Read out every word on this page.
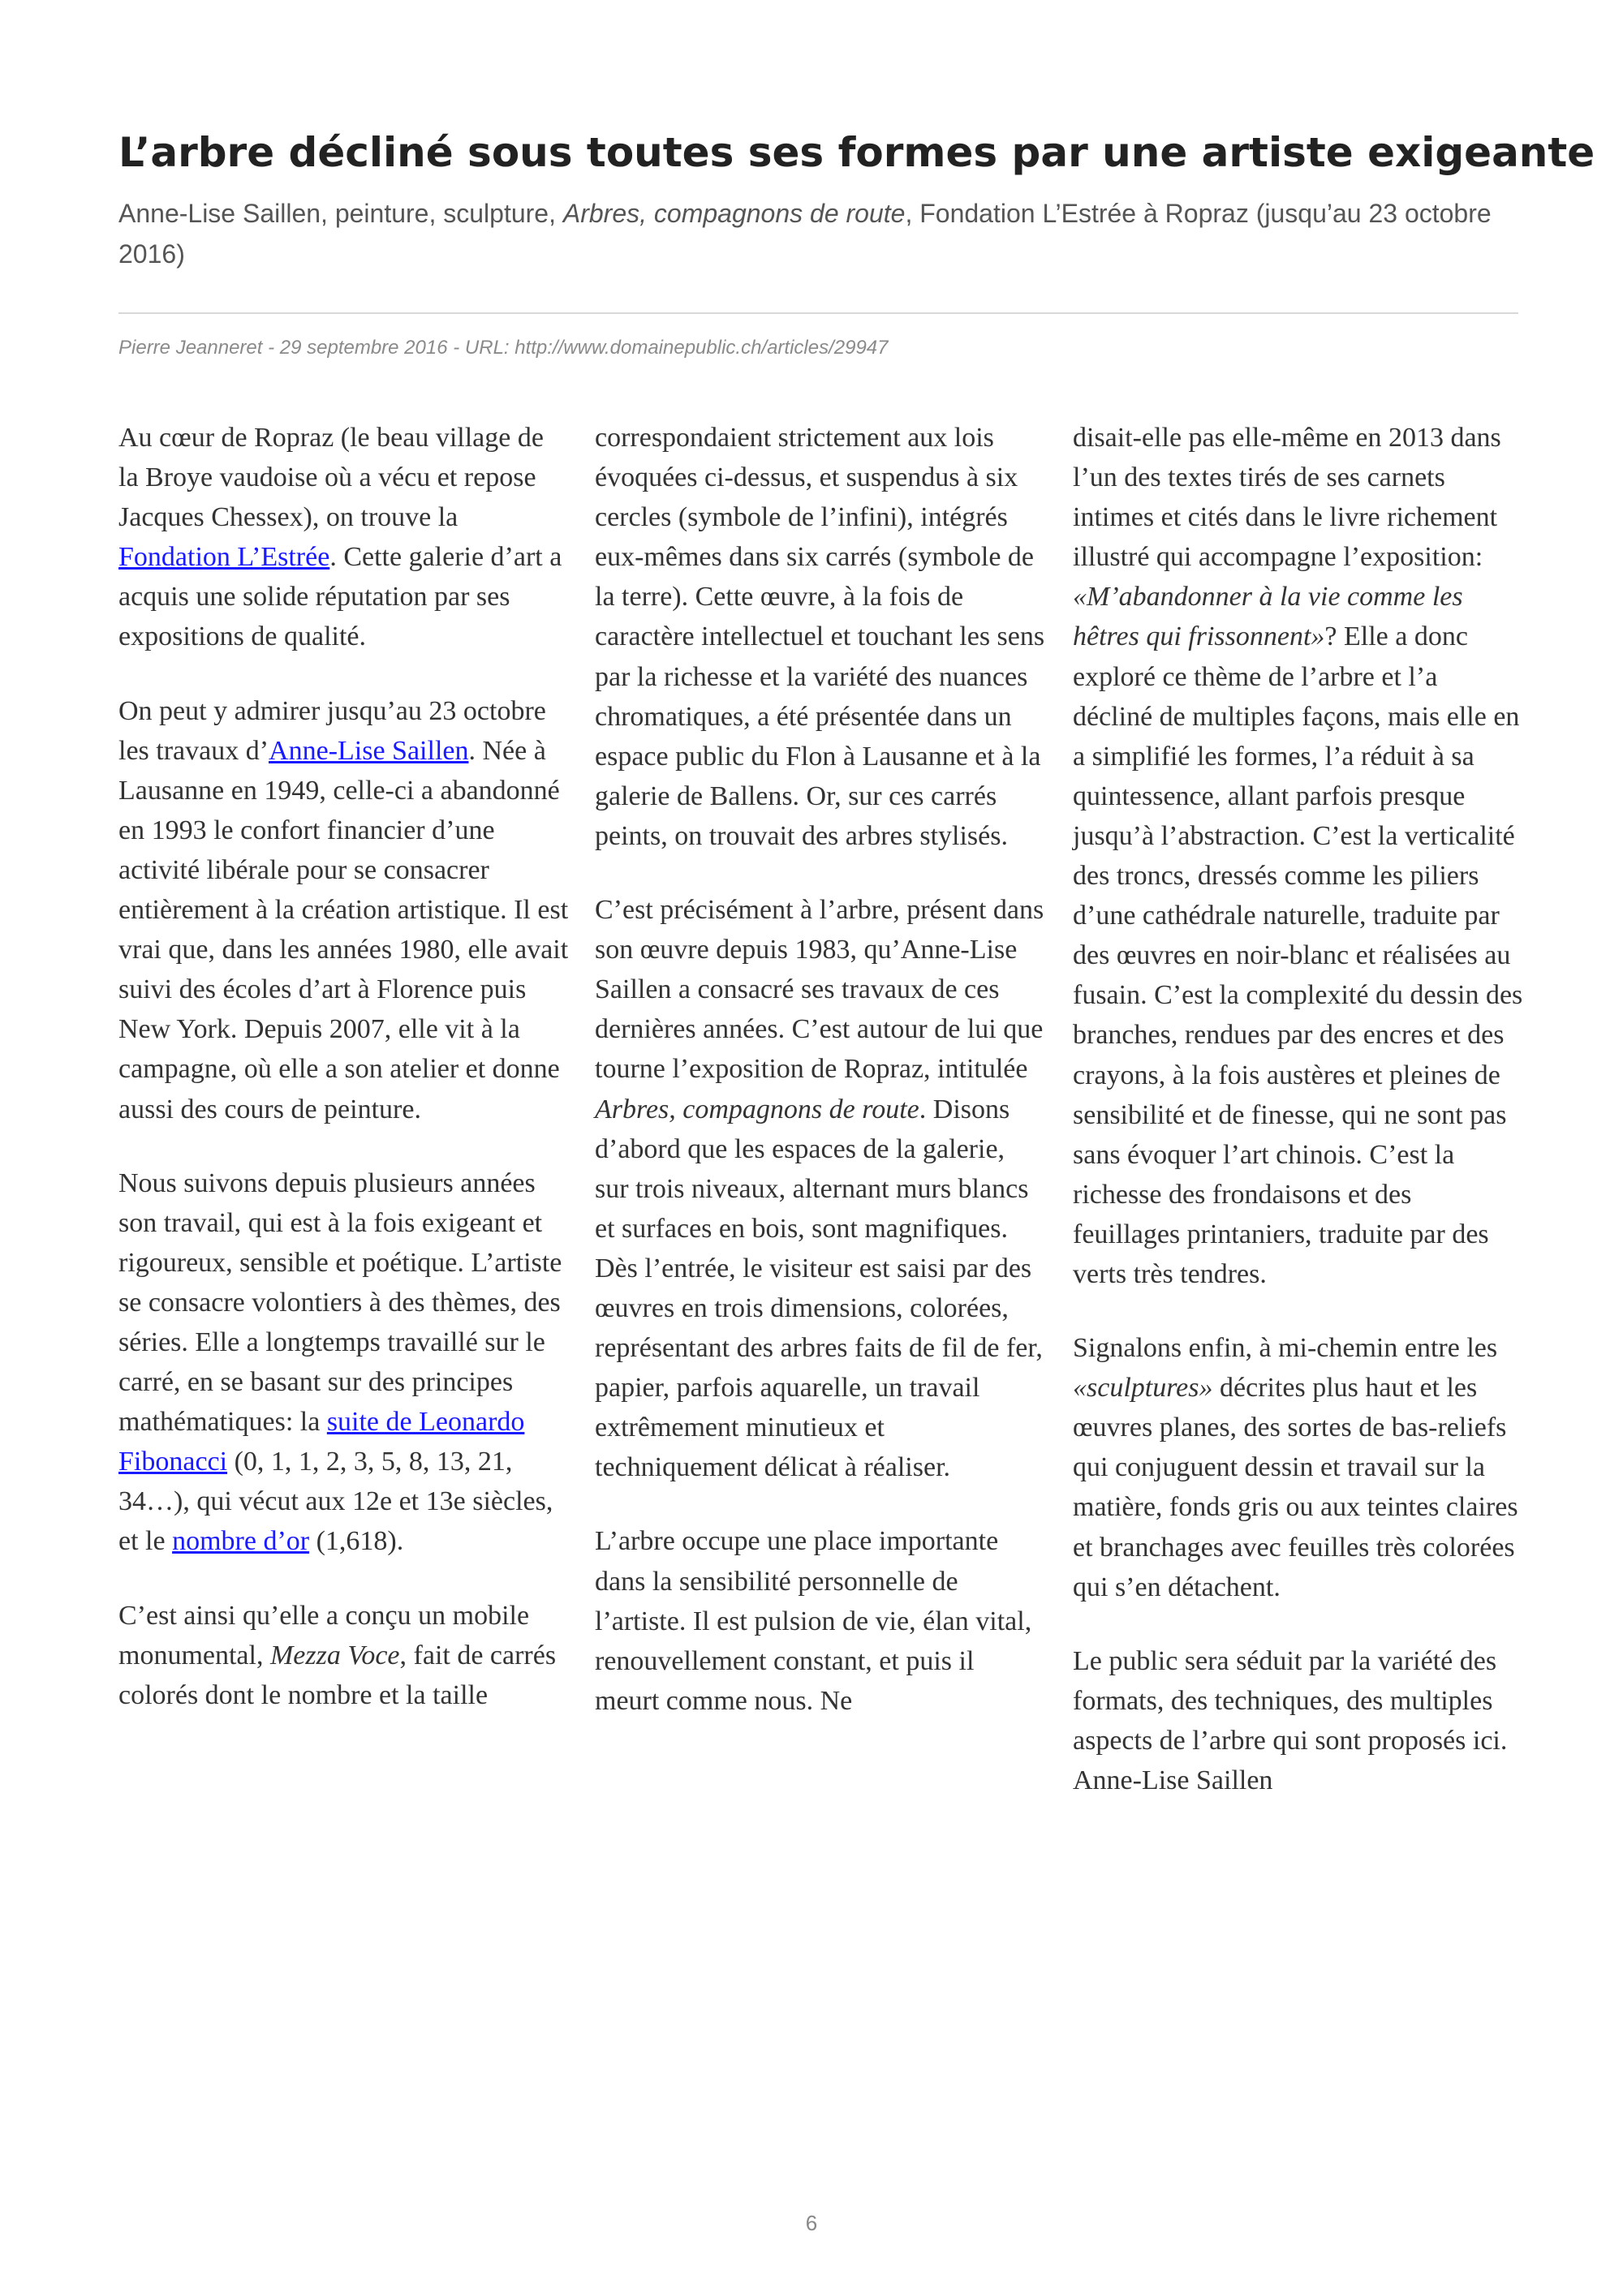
L’arbre décliné sous toutes ses formes par une artiste exigeante

Anne-Lise Saillen, peinture, sculpture, Arbres, compagnons de route, Fondation L’Estrée à Ropraz (jusqu’au 23 octobre 2016)

Pierre Jeanneret - 29 septembre 2016 - URL: http://www.domainepublic.ch/articles/29947

Au cœur de Ropraz (le beau village de la Broye vaudoise où a vécu et repose Jacques Chessex), on trouve la Fondation L’Estrée. Cette galerie d’art a acquis une solide réputation par ses expositions de qualité.

On peut y admirer jusqu’au 23 octobre les travaux d’Anne-Lise Saillen. Née à Lausanne en 1949, celle-ci a abandonné en 1993 le confort financier d’une activité libérale pour se consacrer entièrement à la création artistique. Il est vrai que, dans les années 1980, elle avait suivi des écoles d’art à Florence puis New York. Depuis 2007, elle vit à la campagne, où elle a son atelier et donne aussi des cours de peinture.

Nous suivons depuis plusieurs années son travail, qui est à la fois exigeant et rigoureux, sensible et poétique. L’artiste se consacre volontiers à des thèmes, des séries. Elle a longtemps travaillé sur le carré, en se basant sur des principes mathématiques: la suite de Leonardo Fibonacci (0, 1, 1, 2, 3, 5, 8, 13, 21, 34…), qui vécut aux 12e et 13e siècles, et le nombre d’or (1,618).

C’est ainsi qu’elle a conçu un mobile monumental, Mezza Voce, fait de carrés colorés dont le nombre et la taille

correspondaient strictement aux lois évoquées ci-dessus, et suspendus à six cercles (symbole de l’infini), intégrés eux-mêmes dans six carrés (symbole de la terre). Cette œuvre, à la fois de caractère intellectuel et touchant les sens par la richesse et la variété des nuances chromatiques, a été présentée dans un espace public du Flon à Lausanne et à la galerie de Ballens. Or, sur ces carrés peints, on trouvait des arbres stylisés.

C’est précisément à l’arbre, présent dans son œuvre depuis 1983, qu’Anne-Lise Saillen a consacré ses travaux de ces dernières années. C’est autour de lui que tourne l’exposition de Ropraz, intitulée Arbres, compagnons de route. Disons d’abord que les espaces de la galerie, sur trois niveaux, alternant murs blancs et surfaces en bois, sont magnifiques. Dès l’entrée, le visiteur est saisi par des œuvres en trois dimensions, colorées, représentant des arbres faits de fil de fer, papier, parfois aquarelle, un travail extrêmement minutieux et techniquement délicat à réaliser.

L’arbre occupe une place importante dans la sensibilité personnelle de l’artiste. Il est pulsion de vie, élan vital, renouvellement constant, et puis il meurt comme nous. Ne

disait-elle pas elle-même en 2013 dans l’un des textes tirés de ses carnets intimes et cités dans le livre richement illustré qui accompagne l’exposition: «M’abandonner à la vie comme les hêtres qui frissonnent»? Elle a donc exploré ce thème de l’arbre et l’a décliné de multiples façons, mais elle en a simplifié les formes, l’a réduit à sa quintessence, allant parfois presque jusqu’à l’abstraction. C’est la verticalité des troncs, dressés comme les piliers d’une cathédrale naturelle, traduite par des œuvres en noir-blanc et réalisées au fusain. C’est la complexité du dessin des branches, rendues par des encres et des crayons, à la fois austères et pleines de sensibilité et de finesse, qui ne sont pas sans évoquer l’art chinois. C’est la richesse des frondaisons et des feuillages printaniers, traduite par des verts très tendres.

Signalons enfin, à mi-chemin entre les «sculptures» décrites plus haut et les œuvres planes, des sortes de bas-reliefs qui conjuguent dessin et travail sur la matière, fonds gris ou aux teintes claires et branchages avec feuilles très colorées qui s’en détachent.

Le public sera séduit par la variété des formats, des techniques, des multiples aspects de l’arbre qui sont proposés ici. Anne-Lise Saillen

6
